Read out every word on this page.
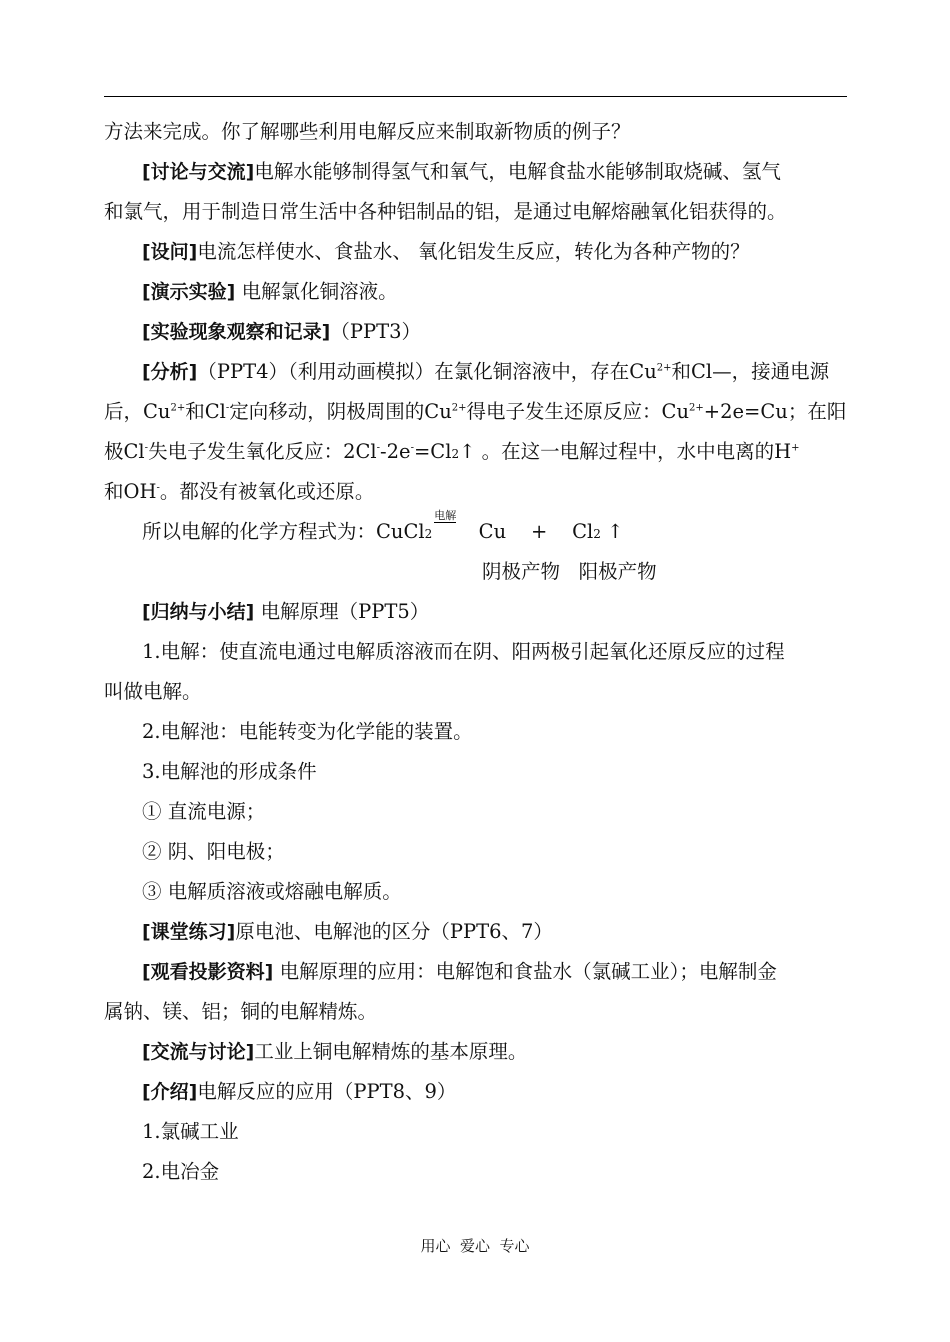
方法来完成。你了解哪些利用电解反应来制取新物质的例子？
[讨论与交流]电解水能够制得氢气和氧气，电解食盐水能够制取烧碱、氢气
和氯气，用于制造日常生活中各种铝制品的铝，是通过电解熔融氧化铝获得的。
[设问]电流怎样使水、食盐水、 氧化铝发生反应，转化为各种产物的？
[演示实验] 电解氯化铜溶液。
[实验现象观察和记录]（PPT3）
[分析]（PPT4）（利用动画模拟）在氯化铜溶液中，存在$Cu^{2+}$和Cl—，接通电源
后，$Cu^{2+}$和Cl-定向移动，阴极周围的$Cu^{2+}$得电子发生还原反应：$Cu^{2+}+2e=Cu$；在阳
极Cl-失电子发生氧化反应：2Cl--2e-=Cl2↑ 。在这一电解过程中，水中电离的H+
和OH-。都没有被氧化或还原。
所以电解的化学方程式为：CuCl2
电解
Cu    +    Cl2 ↑
阴极产物   阳极产物
[归纳与小结] 电解原理（PPT5）
1.电解：使直流电通过电解质溶液而在阴、阳两极引起氧化还原反应的过程
叫做电解。
2.电解池：电能转变为化学能的装置。
3.电解池的形成条件
① 直流电源；
② 阴、阳电极；
③ 电解质溶液或熔融电解质。
[课堂练习]原电池、电解池的区分（PPT6、7）
[观看投影资料] 电解原理的应用：电解饱和食盐水（氯碱工业）；电解制金
属钠、镁、铝；铜的电解精炼。
[交流与讨论]工业上铜电解精炼的基本原理。
[介绍]电解反应的应用（PPT8、9）
1.氯碱工业
2.电冶金
用心  爱心  专心
